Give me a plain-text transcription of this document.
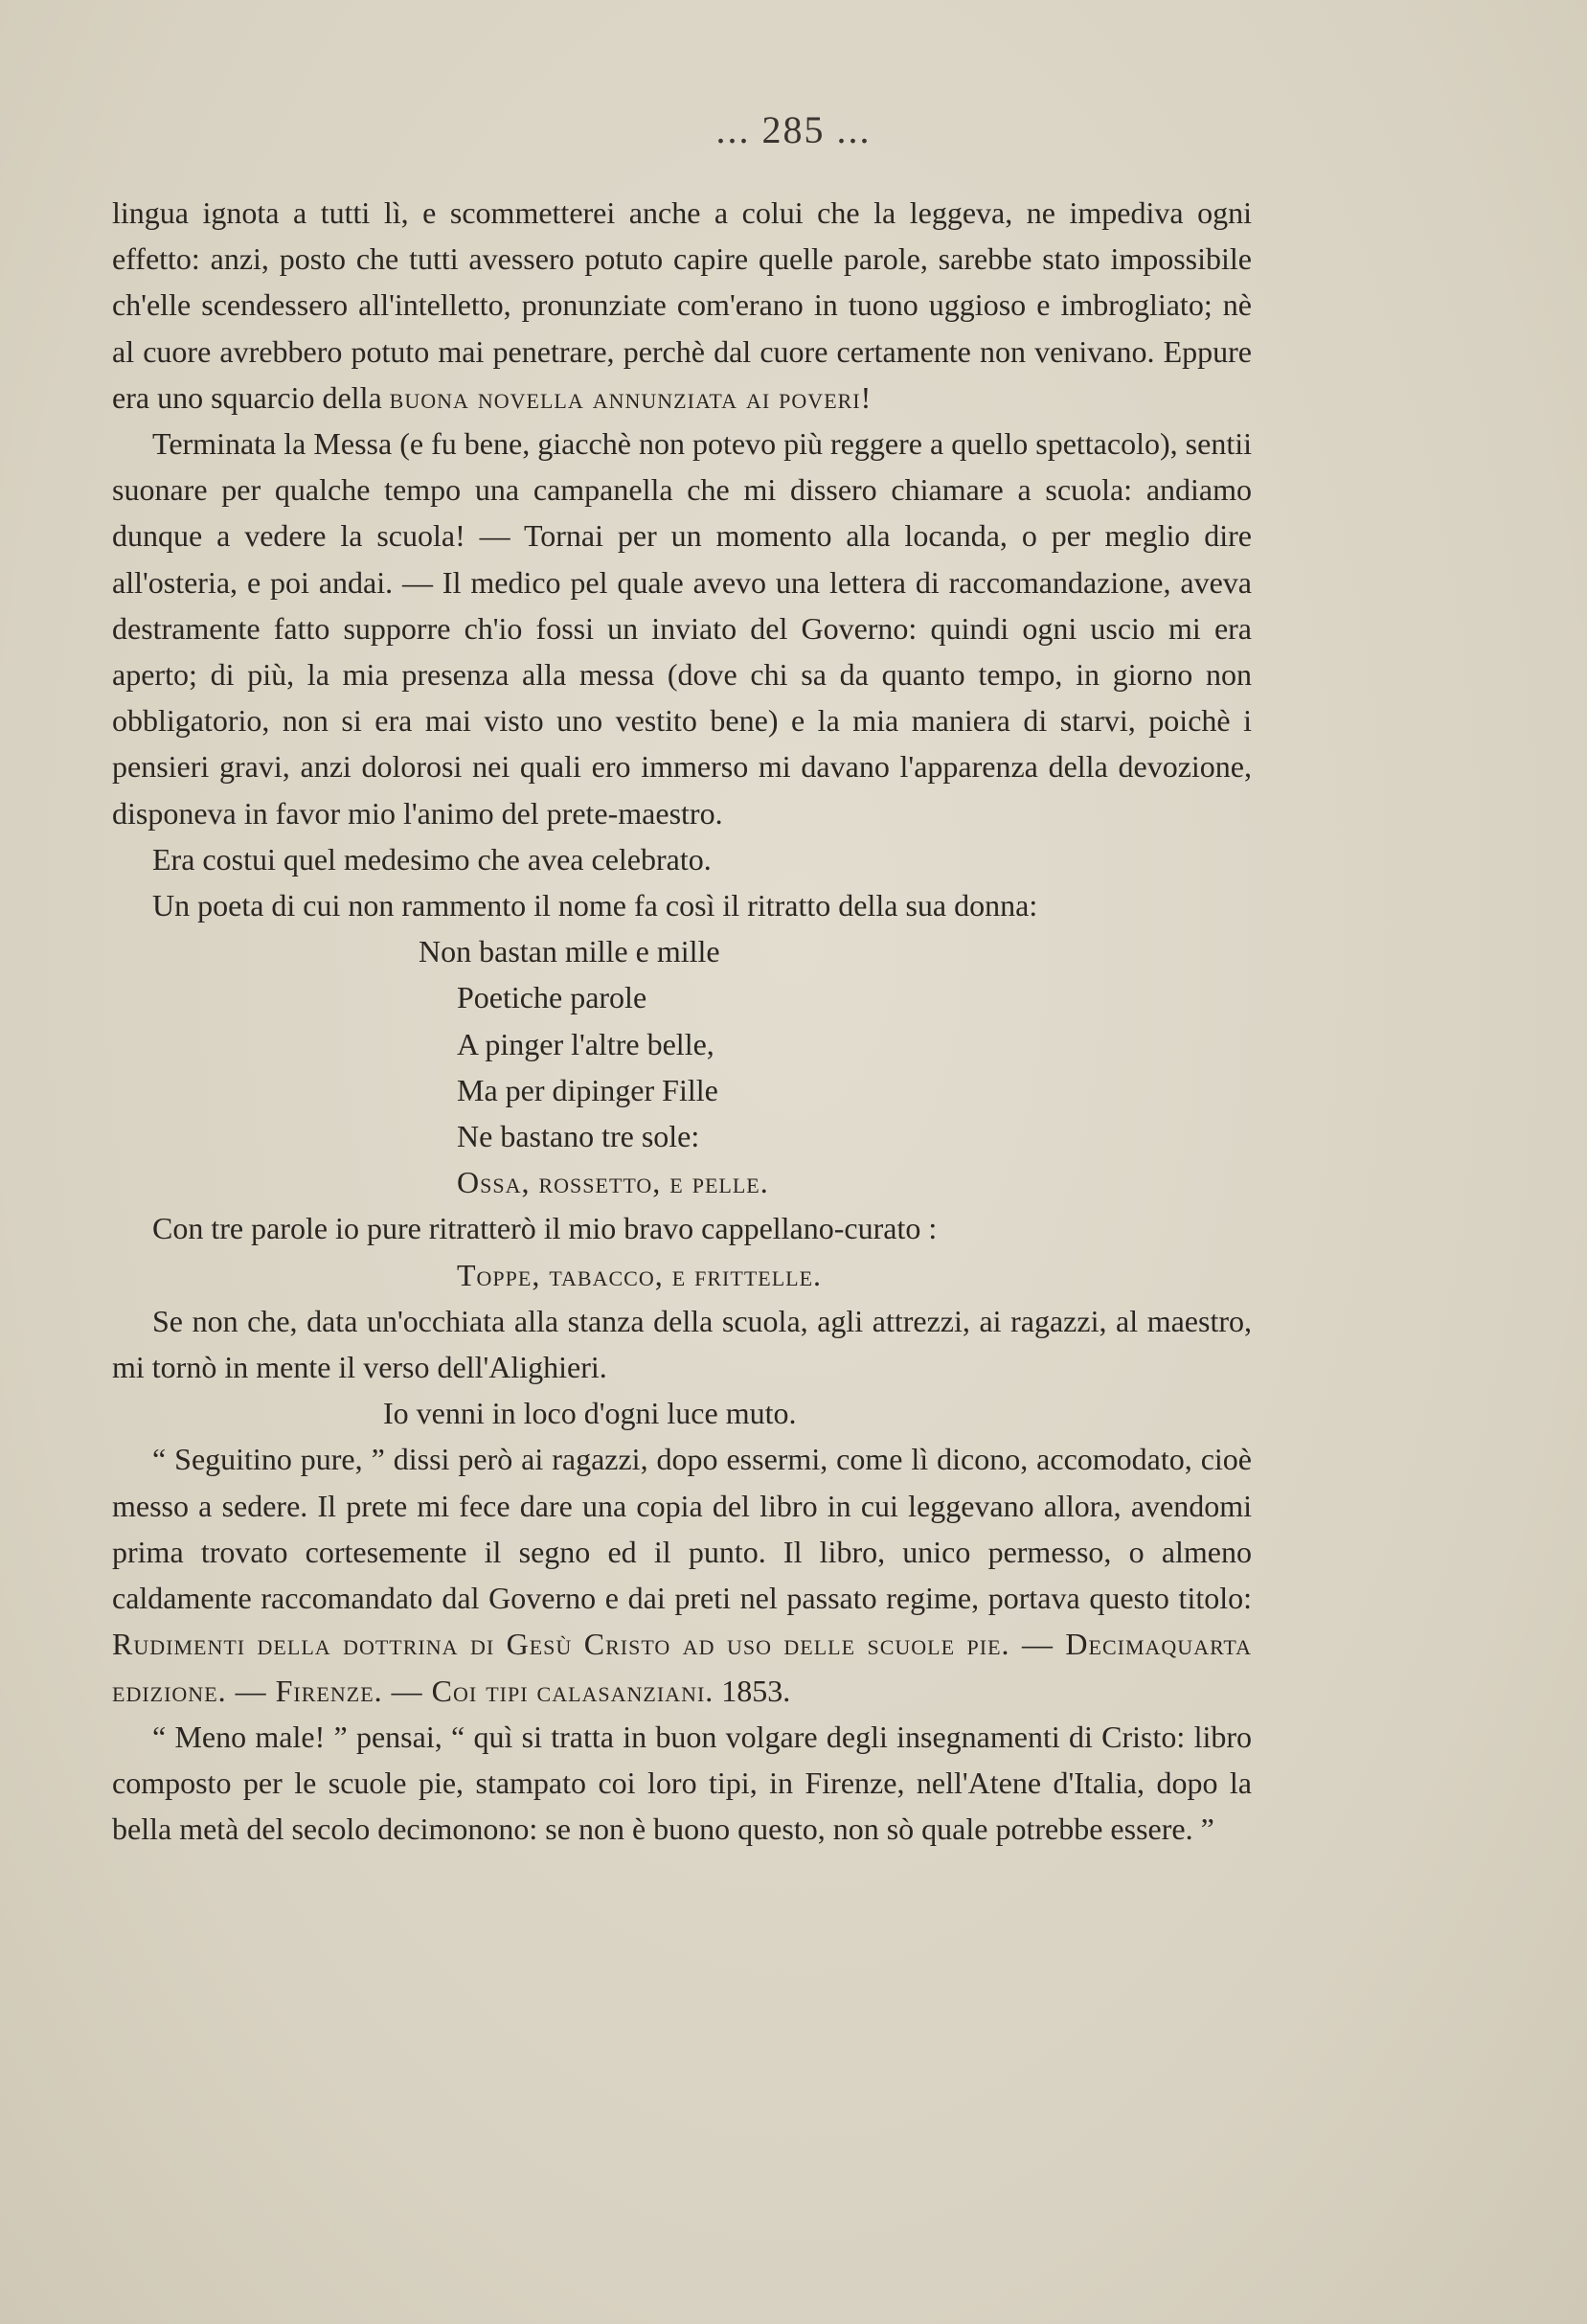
... 285 ...

lingua ignota a tutti lì, e scommetterei anche a colui che la leggeva, ne impediva ogni effetto: anzi, posto che tutti avessero potuto capire quelle parole, sarebbe stato impossibile ch'elle scendessero all'intelletto, pronunziate com'erano in tuono uggioso e imbrogliato; nè al cuore avrebbero potuto mai penetrare, perchè dal cuore certamente non venivano. Eppure era uno squarcio della buona novella annunziata ai poveri!

Terminata la Messa (e fu bene, giacchè non potevo più reggere a quello spettacolo), sentii suonare per qualche tempo una campanella che mi dissero chiamare a scuola: andiamo dunque a vedere la scuola! — Tornai per un momento alla locanda, o per meglio dire all'osteria, e poi andai. — Il medico pel quale avevo una lettera di raccomandazione, aveva destramente fatto supporre ch'io fossi un inviato del Governo: quindi ogni uscio mi era aperto; di più, la mia presenza alla messa (dove chi sa da quanto tempo, in giorno non obbligatorio, non si era mai visto uno vestito bene) e la mia maniera di starvi, poichè i pensieri gravi, anzi dolorosi nei quali ero immerso mi davano l'apparenza della devozione, disponeva in favor mio l'animo del prete-maestro.

Era costui quel medesimo che avea celebrato.

Un poeta di cui non rammento il nome fa così il ritratto della sua donna:

Non bastan mille e mille

Poetiche parole

A pinger l'altre belle,

Ma per dipinger Fille

Ne bastano tre sole:

Ossa, rossetto, e pelle.

Con tre parole io pure ritratterò il mio bravo cappellano-curato :

Toppe, tabacco, e frittelle.

Se non che, data un'occhiata alla stanza della scuola, agli attrezzi, ai ragazzi, al maestro, mi tornò in mente il verso dell'Alighieri.

Io venni in loco d'ogni luce muto.

“ Seguitino pure, ” dissi però ai ragazzi, dopo essermi, come lì dicono, accomodato, cioè messo a sedere. Il prete mi fece dare una copia del libro in cui leggevano allora, avendomi prima trovato cortesemente il segno ed il punto. Il libro, unico permesso, o almeno caldamente raccomandato dal Governo e dai preti nel passato regime, portava questo titolo: Rudimenti della dottrina di Gesù Cristo ad uso delle scuole pie. — Decimaquarta edizione. — Firenze. — Coi tipi calasanziani. 1853.

“ Meno male! ” pensai, “ quì si tratta in buon volgare degli insegnamenti di Cristo: libro composto per le scuole pie, stampato coi loro tipi, in Firenze, nell'Atene d'Italia, dopo la bella metà del secolo decimonono: se non è buono questo, non sò quale potrebbe essere. ”
